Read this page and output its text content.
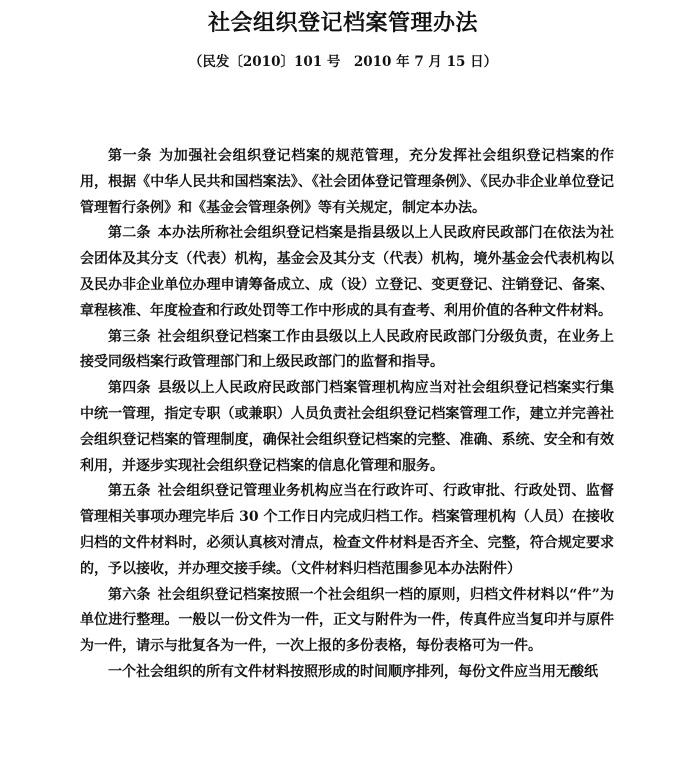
社会组织登记档案管理办法
（民发〔2010〕101 号　2010 年 7 月 15 日）

第一条 为加强社会组织登记档案的规范管理，充分发挥社会组织登记档案的作用，根据《中华人民共和国档案法》、《社会团体登记管理条例》、《民办非企业单位登记管理暂行条例》和《基金会管理条例》等有关规定，制定本办法。

第二条 本办法所称社会组织登记档案是指县级以上人民政府民政部门在依法为社会团体及其分支（代表）机构，基金会及其分支（代表）机构，境外基金会代表机构以及民办非企业单位办理申请筹备成立、成（设）立登记、变更登记、注销登记、备案、章程核准、年度检查和行政处罚等工作中形成的具有查考、利用价值的各种文件材料。

第三条 社会组织登记档案工作由县级以上人民政府民政部门分级负责，在业务上接受同级档案行政管理部门和上级民政部门的监督和指导。

第四条 县级以上人民政府民政部门档案管理机构应当对社会组织登记档案实行集中统一管理，指定专职（或兼职）人员负责社会组织登记档案管理工作，建立并完善社会组织登记档案的管理制度，确保社会组织登记档案的完整、准确、系统、安全和有效利用，并逐步实现社会组织登记档案的信息化管理和服务。

第五条 社会组织登记管理业务机构应当在行政许可、行政审批、行政处罚、监督管理相关事项办理完毕后 30 个工作日内完成归档工作。档案管理机构（人员）在接收归档的文件材料时，必须认真核对清点，检查文件材料是否齐全、完整，符合规定要求的，予以接收，并办理交接手续。（文件材料归档范围参见本办法附件）

第六条 社会组织登记档案按照一个社会组织一档的原则，归档文件材料以“件”为单位进行整理。一般以一份文件为一件，正文与附件为一件，传真件应当复印并与原件为一件，请示与批复各为一件，一次上报的多份表格，每份表格可为一件。

一个社会组织的所有文件材料按照形成的时间顺序排列，每份文件应当用无酸纸
